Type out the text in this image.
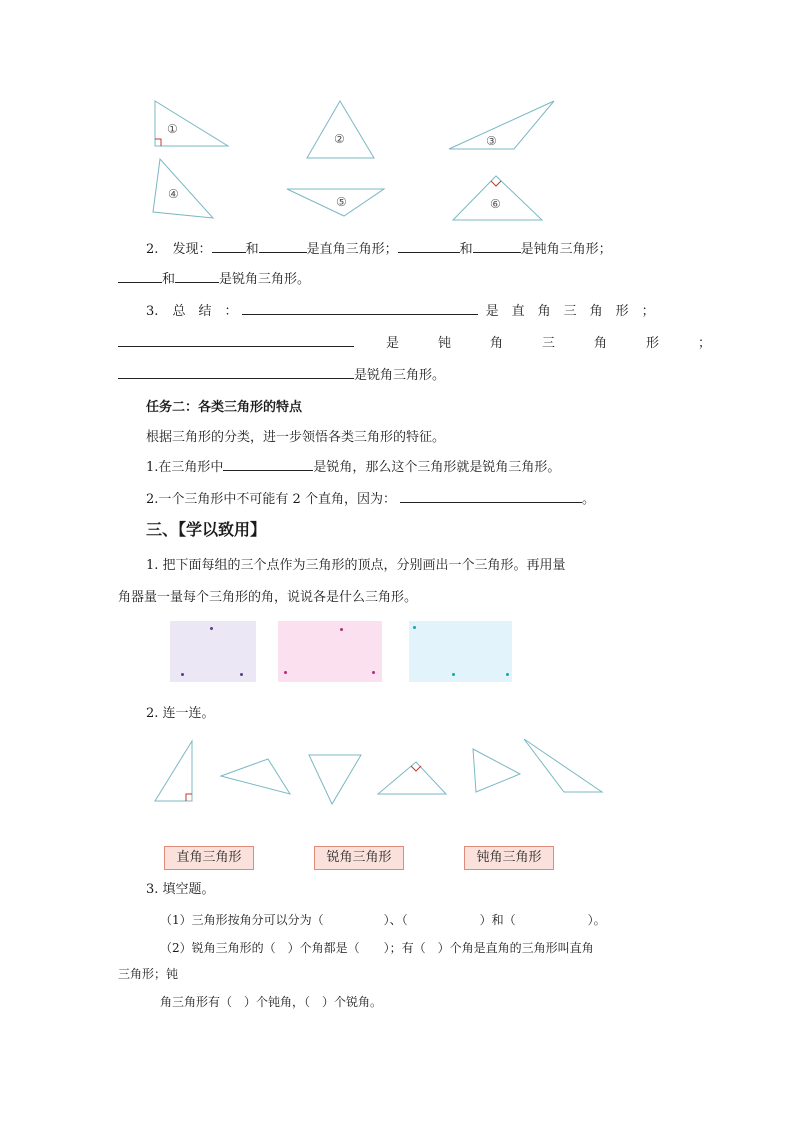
①
②	③
④
⑤	⑥
2. 发现：	和	是直角三角形；	和	是钝角三角形；
和	是锐角三角形。
3. 总　结　：	是　直　角　三　角　形　；
是　　　钝　　　角　　　三　　　角　　　形　　　；
是锐角三角形。
任务二：各类三角形的特点
根据三角形的分类，进一步领悟各类三角形的特征。
1.在三角形中	是锐角，那么这个三角形就是锐角三角形。
2.一个三角形中不可能有 2 个直角，因为：	。
三、【学以致用】
1. 把下面每组的三个点作为三角形的顶点，分别画出一个三角形。再用量
角器量一量每个三角形的角，说说各是什么三角形。
2. 连一连。
直角三角形	锐角三角形	钝角三角形
3. 填空题。
（1）三角形按角分可以分为（　　　　　）、（　　　　　　）和（　　　　　　）。
（2）锐角三角形的（　）个角都是（　　）；有（　）个角是直角的三角形叫直角
三角形；钝
角三角形有（　）个钝角，（　）个锐角。
